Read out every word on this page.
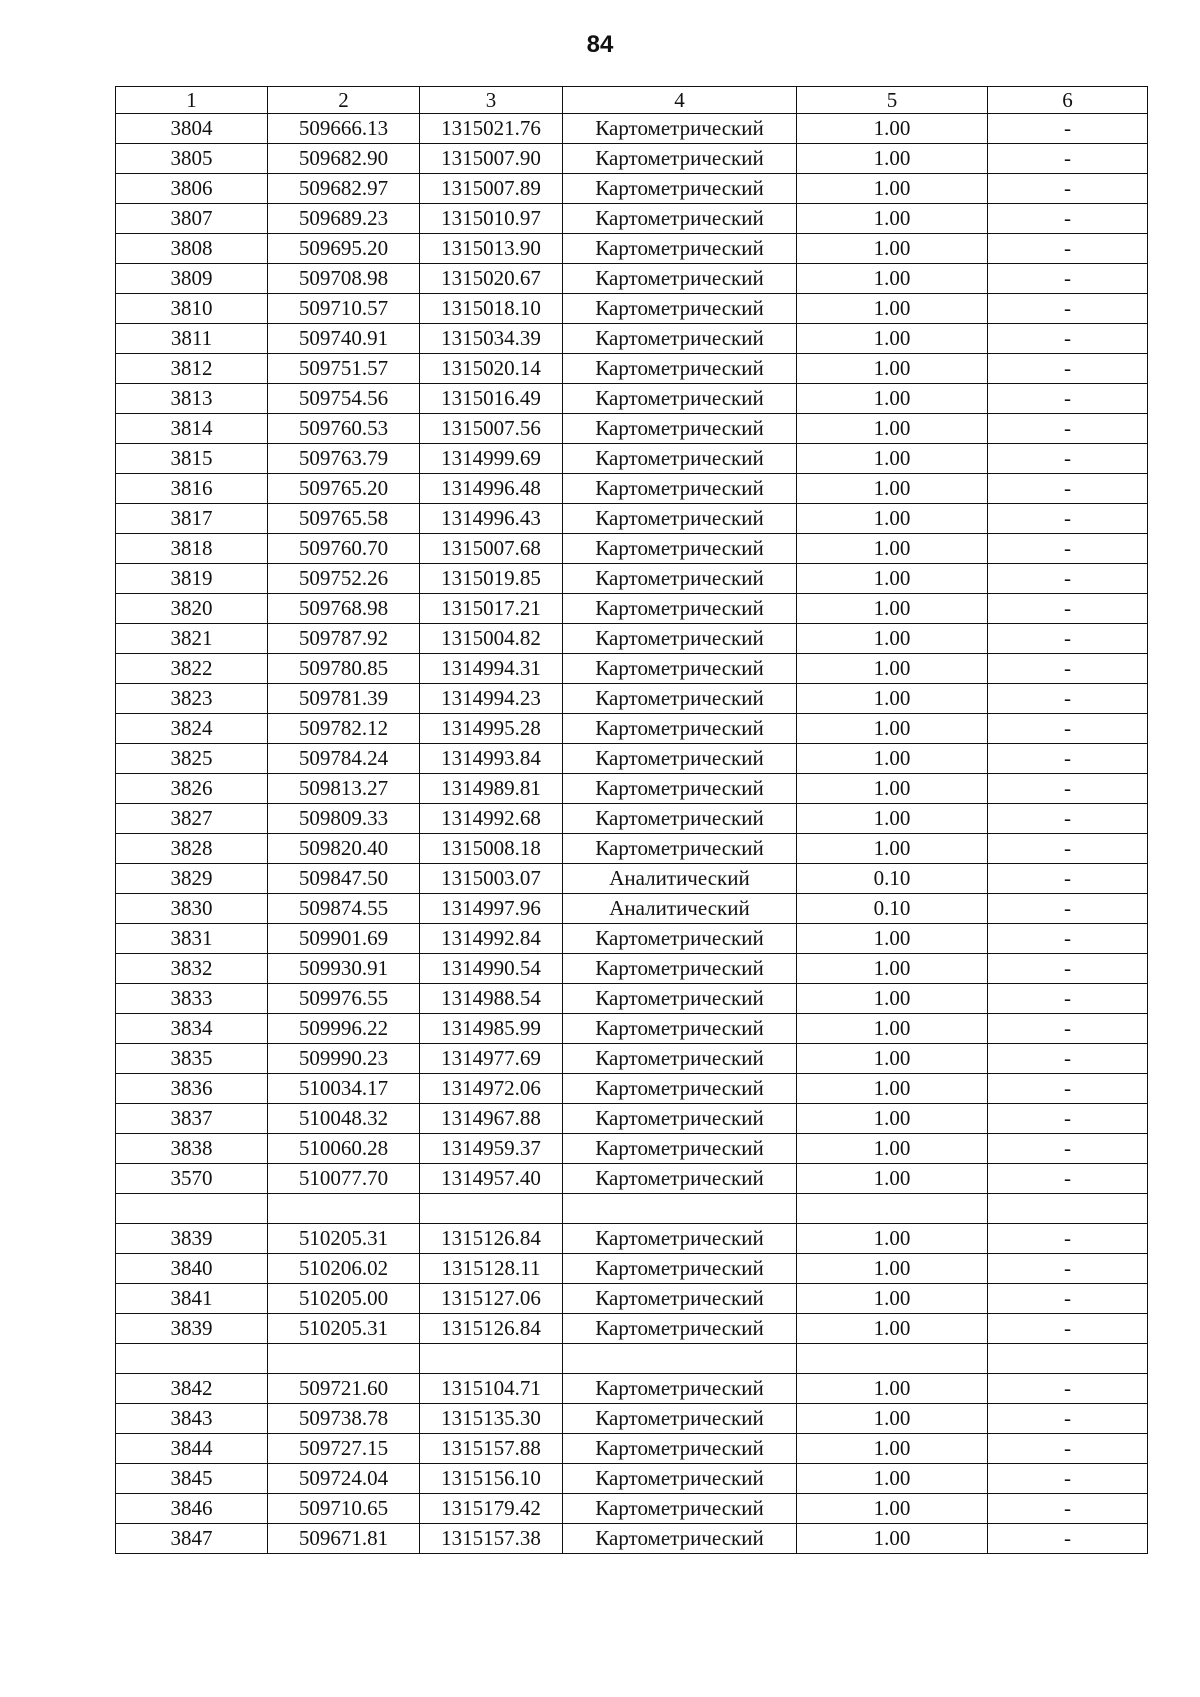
84
1	2	3	4	5	6
3804	509666.13	1315021.76	Картометрический	1.00	-
3805	509682.90	1315007.90	Картометрический	1.00	-
3806	509682.97	1315007.89	Картометрический	1.00	-
3807	509689.23	1315010.97	Картометрический	1.00	-
3808	509695.20	1315013.90	Картометрический	1.00	-
3809	509708.98	1315020.67	Картометрический	1.00	-
3810	509710.57	1315018.10	Картометрический	1.00	-
3811	509740.91	1315034.39	Картометрический	1.00	-
3812	509751.57	1315020.14	Картометрический	1.00	-
3813	509754.56	1315016.49	Картометрический	1.00	-
3814	509760.53	1315007.56	Картометрический	1.00	-
3815	509763.79	1314999.69	Картометрический	1.00	-
3816	509765.20	1314996.48	Картометрический	1.00	-
3817	509765.58	1314996.43	Картометрический	1.00	-
3818	509760.70	1315007.68	Картометрический	1.00	-
3819	509752.26	1315019.85	Картометрический	1.00	-
3820	509768.98	1315017.21	Картометрический	1.00	-
3821	509787.92	1315004.82	Картометрический	1.00	-
3822	509780.85	1314994.31	Картометрический	1.00	-
3823	509781.39	1314994.23	Картометрический	1.00	-
3824	509782.12	1314995.28	Картометрический	1.00	-
3825	509784.24	1314993.84	Картометрический	1.00	-
3826	509813.27	1314989.81	Картометрический	1.00	-
3827	509809.33	1314992.68	Картометрический	1.00	-
3828	509820.40	1315008.18	Картометрический	1.00	-
3829	509847.50	1315003.07	Аналитический	0.10	-
3830	509874.55	1314997.96	Аналитический	0.10	-
3831	509901.69	1314992.84	Картометрический	1.00	-
3832	509930.91	1314990.54	Картометрический	1.00	-
3833	509976.55	1314988.54	Картометрический	1.00	-
3834	509996.22	1314985.99	Картометрический	1.00	-
3835	509990.23	1314977.69	Картометрический	1.00	-
3836	510034.17	1314972.06	Картометрический	1.00	-
3837	510048.32	1314967.88	Картометрический	1.00	-
3838	510060.28	1314959.37	Картометрический	1.00	-
3570	510077.70	1314957.40	Картометрический	1.00	-

3839	510205.31	1315126.84	Картометрический	1.00	-
3840	510206.02	1315128.11	Картометрический	1.00	-
3841	510205.00	1315127.06	Картометрический	1.00	-
3839	510205.31	1315126.84	Картометрический	1.00	-

3842	509721.60	1315104.71	Картометрический	1.00	-
3843	509738.78	1315135.30	Картометрический	1.00	-
3844	509727.15	1315157.88	Картометрический	1.00	-
3845	509724.04	1315156.10	Картометрический	1.00	-
3846	509710.65	1315179.42	Картометрический	1.00	-
3847	509671.81	1315157.38	Картометрический	1.00	-
